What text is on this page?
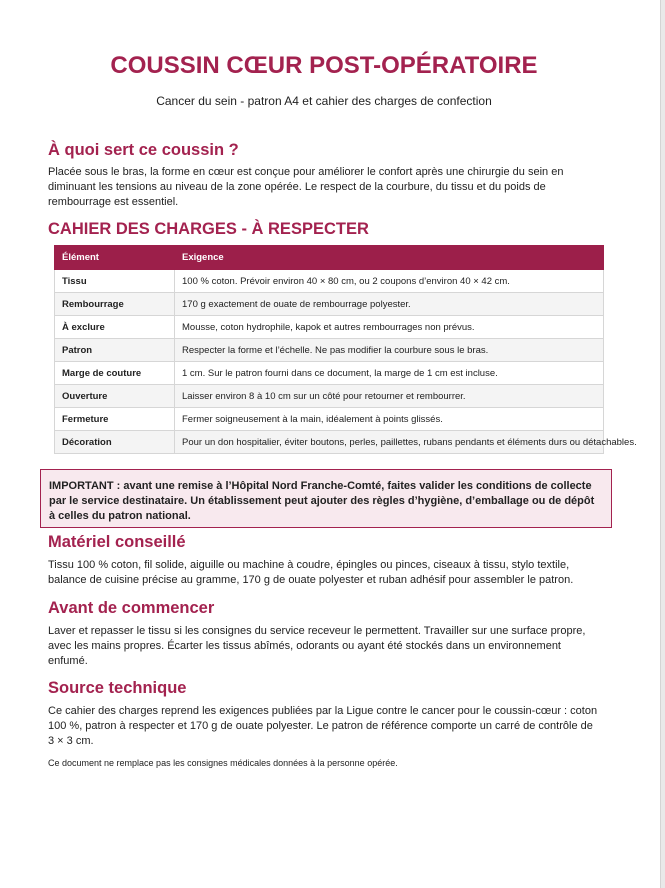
COUSSIN CŒUR POST-OPÉRATOIRE
Cancer du sein - patron A4 et cahier des charges de confection
À quoi sert ce coussin ?

Placée sous le bras, la forme en cœur est conçue pour améliorer le confort après une chirurgie du sein en diminuant les tensions au niveau de la zone opérée. Le respect de la courbure, du tissu et du poids de rembourrage est essentiel.

CAHIER DES CHARGES - À RESPECTER
Élément	Exigence
Tissu	100 % coton. Prévoir environ 40 × 80 cm, ou 2 coupons d’environ 40 × 42 cm.
Rembourrage	170 g exactement de ouate de rembourrage polyester.
À exclure	Mousse, coton hydrophile, kapok et autres rembourrages non prévus.
Patron	Respecter la forme et l’échelle. Ne pas modifier la courbure sous le bras.
Marge de couture	1 cm. Sur le patron fourni dans ce document, la marge de 1 cm est incluse.
Ouverture	Laisser environ 8 à 10 cm sur un côté pour retourner et rembourrer.
Fermeture	Fermer soigneusement à la main, idéalement à points glissés.
Décoration	Pour un don hospitalier, éviter boutons, perles, paillettes, rubans pendants et éléments durs ou détachables.
IMPORTANT : avant une remise à l’Hôpital Nord Franche-Comté, faites valider les conditions de collecte par le service destinataire. Un établissement peut ajouter des règles d’hygiène, d’emballage ou de dépôt à celles du patron national.
Matériel conseillé

Tissu 100 % coton, fil solide, aiguille ou machine à coudre, épingles ou pinces, ciseaux à tissu, stylo textile, balance de cuisine précise au gramme, 170 g de ouate polyester et ruban adhésif pour assembler le patron.

Avant de commencer

Laver et repasser le tissu si les consignes du service receveur le permettent. Travailler sur une surface propre, avec les mains propres. Écarter les tissus abîmés, odorants ou ayant été stockés dans un environnement enfumé.

Source technique

Ce cahier des charges reprend les exigences publiées par la Ligue contre le cancer pour le coussin-cœur : coton 100 %, patron à respecter et 170 g de ouate polyester. Le patron de référence comporte un carré de contrôle de 3 × 3 cm.

Ce document ne remplace pas les consignes médicales données à la personne opérée.
